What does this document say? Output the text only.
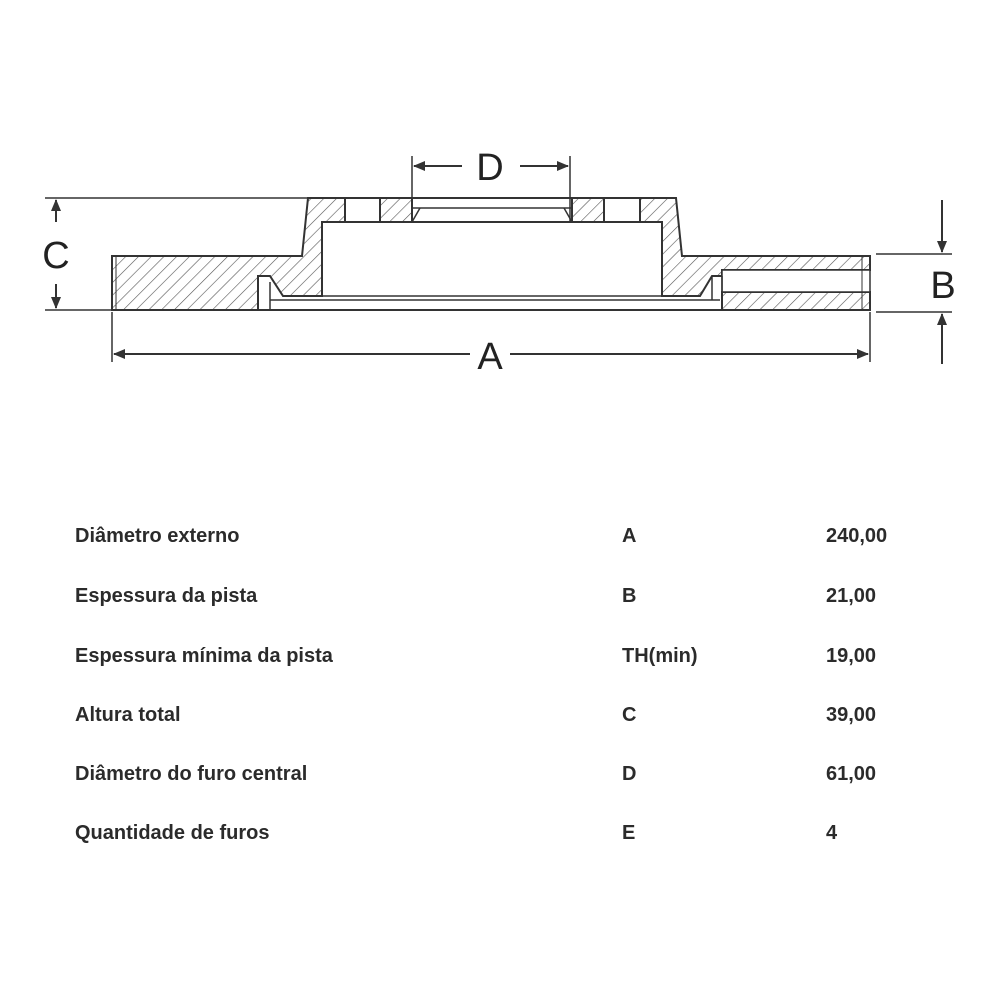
C
D
B
A
Diâmetro externo	A	240,00
Espessura da pista	B	21,00
Espessura mínima da pista	TH(min)	19,00
Altura total	C	39,00
Diâmetro do furo central	D	61,00
Quantidade de furos	E	4
